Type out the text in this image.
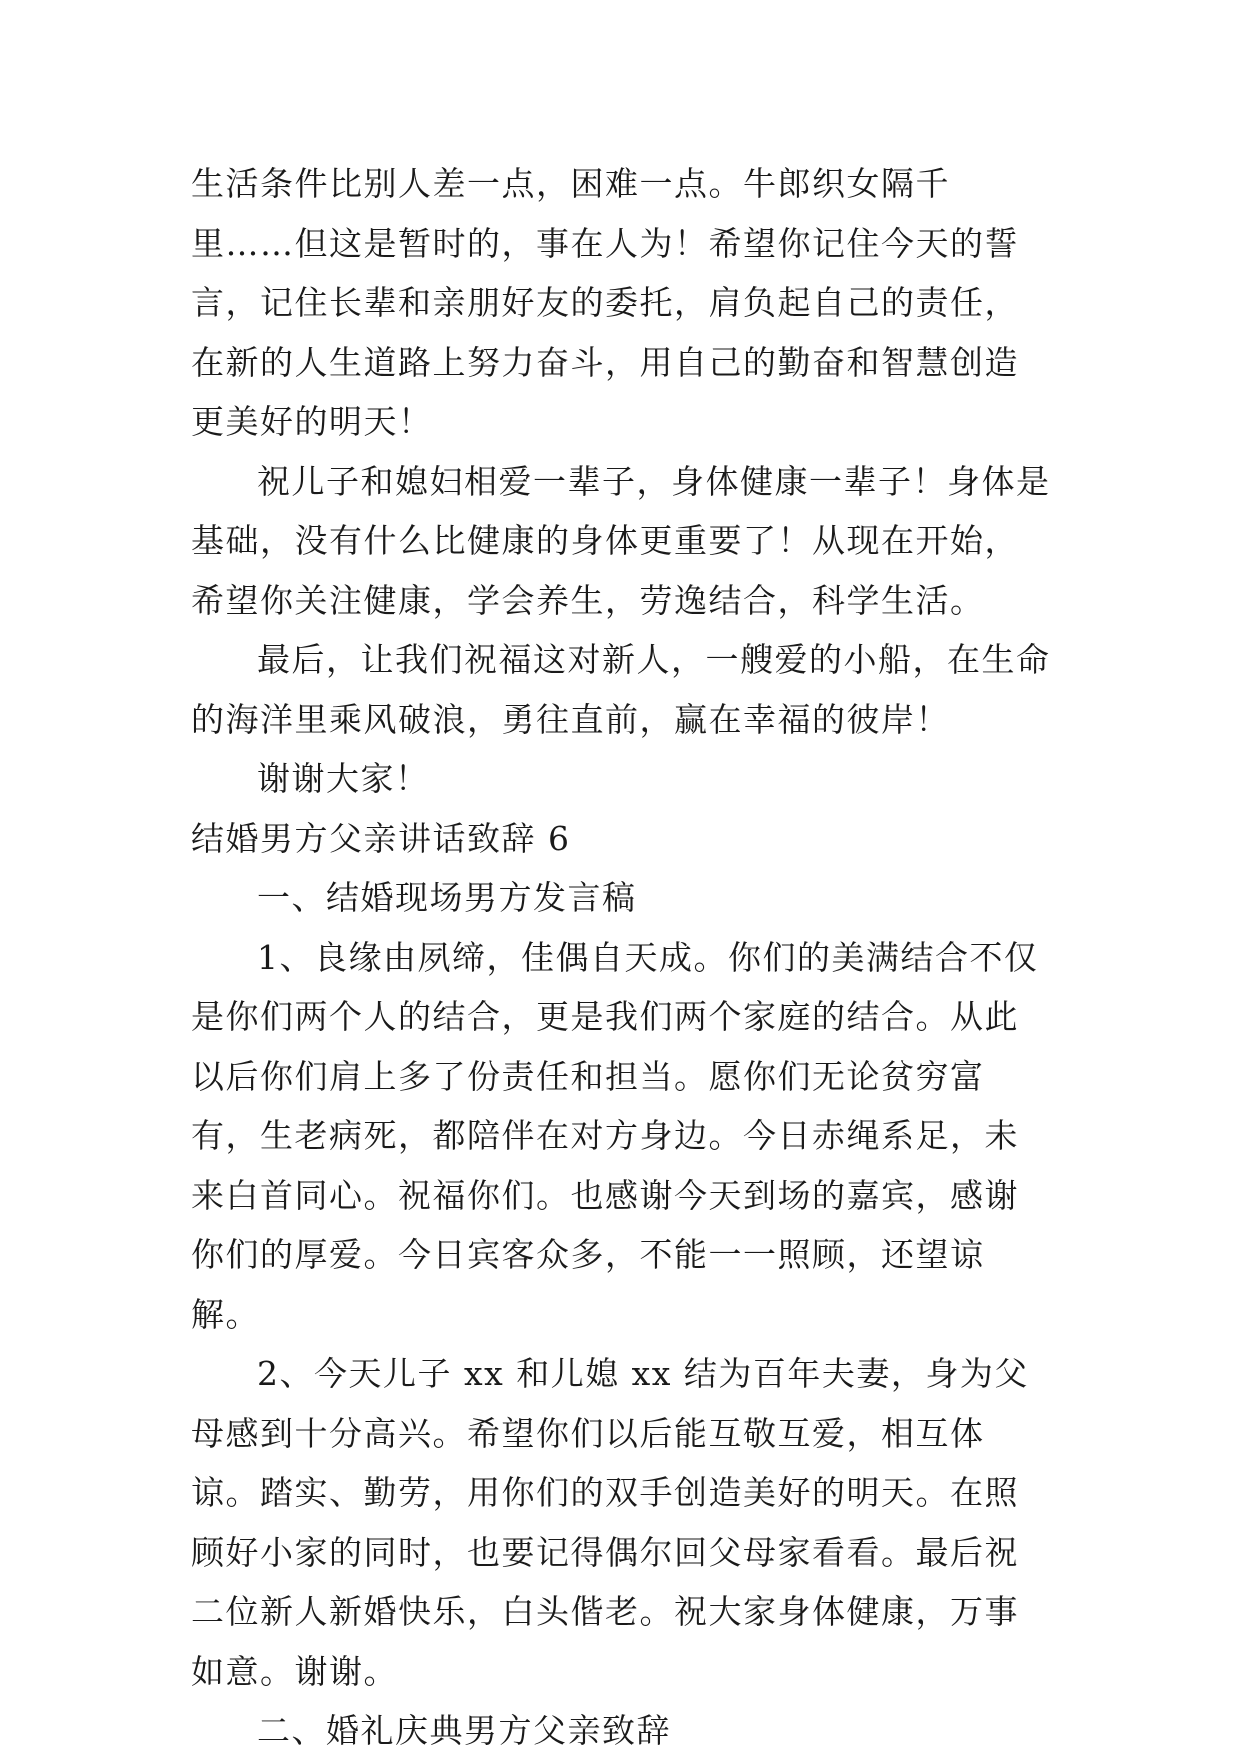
生活条件比别人差一点，困难一点。牛郎织女隔千里……但这是暂时的，事在人为！希望你记住今天的誓言，记住长辈和亲朋好友的委托，肩负起自己的责任，在新的人生道路上努力奋斗，用自己的勤奋和智慧创造更美好的明天！

祝儿子和媳妇相爱一辈子，身体健康一辈子！身体是基础，没有什么比健康的身体更重要了！从现在开始，希望你关注健康，学会养生，劳逸结合，科学生活。

最后，让我们祝福这对新人，一艘爱的小船，在生命的海洋里乘风破浪，勇往直前，赢在幸福的彼岸！

谢谢大家！

结婚男方父亲讲话致辞 6

一、结婚现场男方发言稿

1、良缘由夙缔，佳偶自天成。你们的美满结合不仅是你们两个人的结合，更是我们两个家庭的结合。从此以后你们肩上多了份责任和担当。愿你们无论贫穷富有，生老病死，都陪伴在对方身边。今日赤绳系足，未来白首同心。祝福你们。也感谢今天到场的嘉宾，感谢你们的厚爱。今日宾客众多，不能一一照顾，还望谅解。

2、今天儿子 xx 和儿媳 xx 结为百年夫妻，身为父母感到十分高兴。希望你们以后能互敬互爱，相互体谅。踏实、勤劳，用你们的双手创造美好的明天。在照顾好小家的同时，也要记得偶尔回父母家看看。最后祝二位新人新婚快乐，白头偕老。祝大家身体健康，万事如意。谢谢。

二、婚礼庆典男方父亲致辞
